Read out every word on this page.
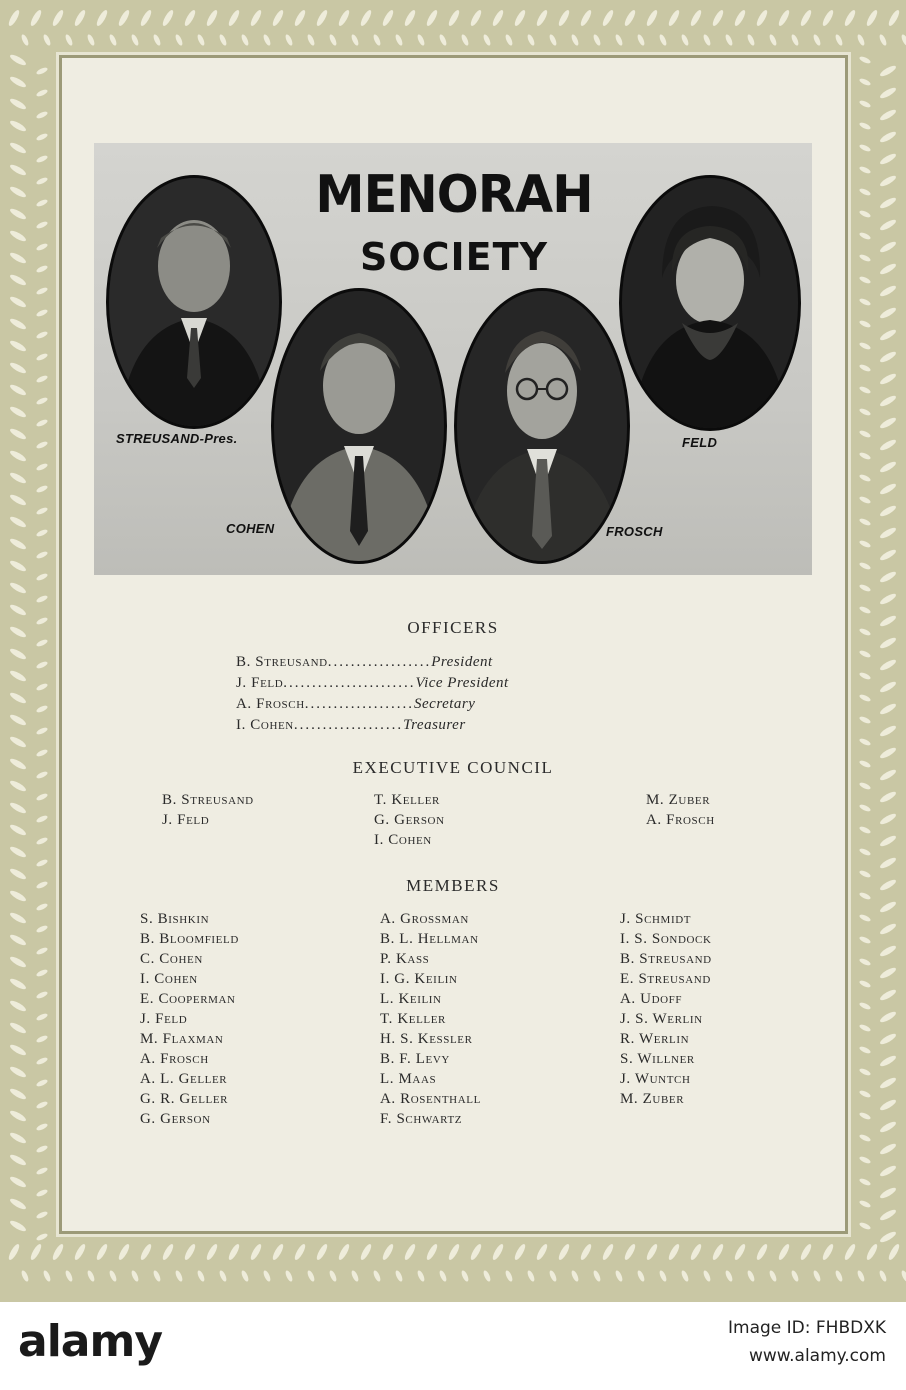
MENORAH
SOCIETY
STREUSAND-Pres.
COHEN	FROSCH
FELD
OFFICERS
B. Streusand..................President
J. Feld.......................Vice President
A. Frosch...................Secretary
I. Cohen...................Treasurer
EXECUTIVE COUNCIL
B. Streusand
J. Feld
T. Keller
G. Gerson
I. Cohen
M. Zuber
A. Frosch
MEMBERS
S. Bishkin
B. Bloomfield
C. Cohen
I. Cohen
E. Cooperman
J. Feld
M. Flaxman
A. Frosch
A. L. Geller
G. R. Geller
G. Gerson
A. Grossman
B. L. Hellman
P. Kass
I. G. Keilin
L. Keilin
T. Keller
H. S. Kessler
B. F. Levy
L. Maas
A. Rosenthall
F. Schwartz
J. Schmidt
I. S. Sondock
B. Streusand
E. Streusand
A. Udoff
J. S. Werlin
R. Werlin
S. Willner
J. Wuntch
M. Zuber
alamy	Image ID: FHBDXK
www.alamy.com
